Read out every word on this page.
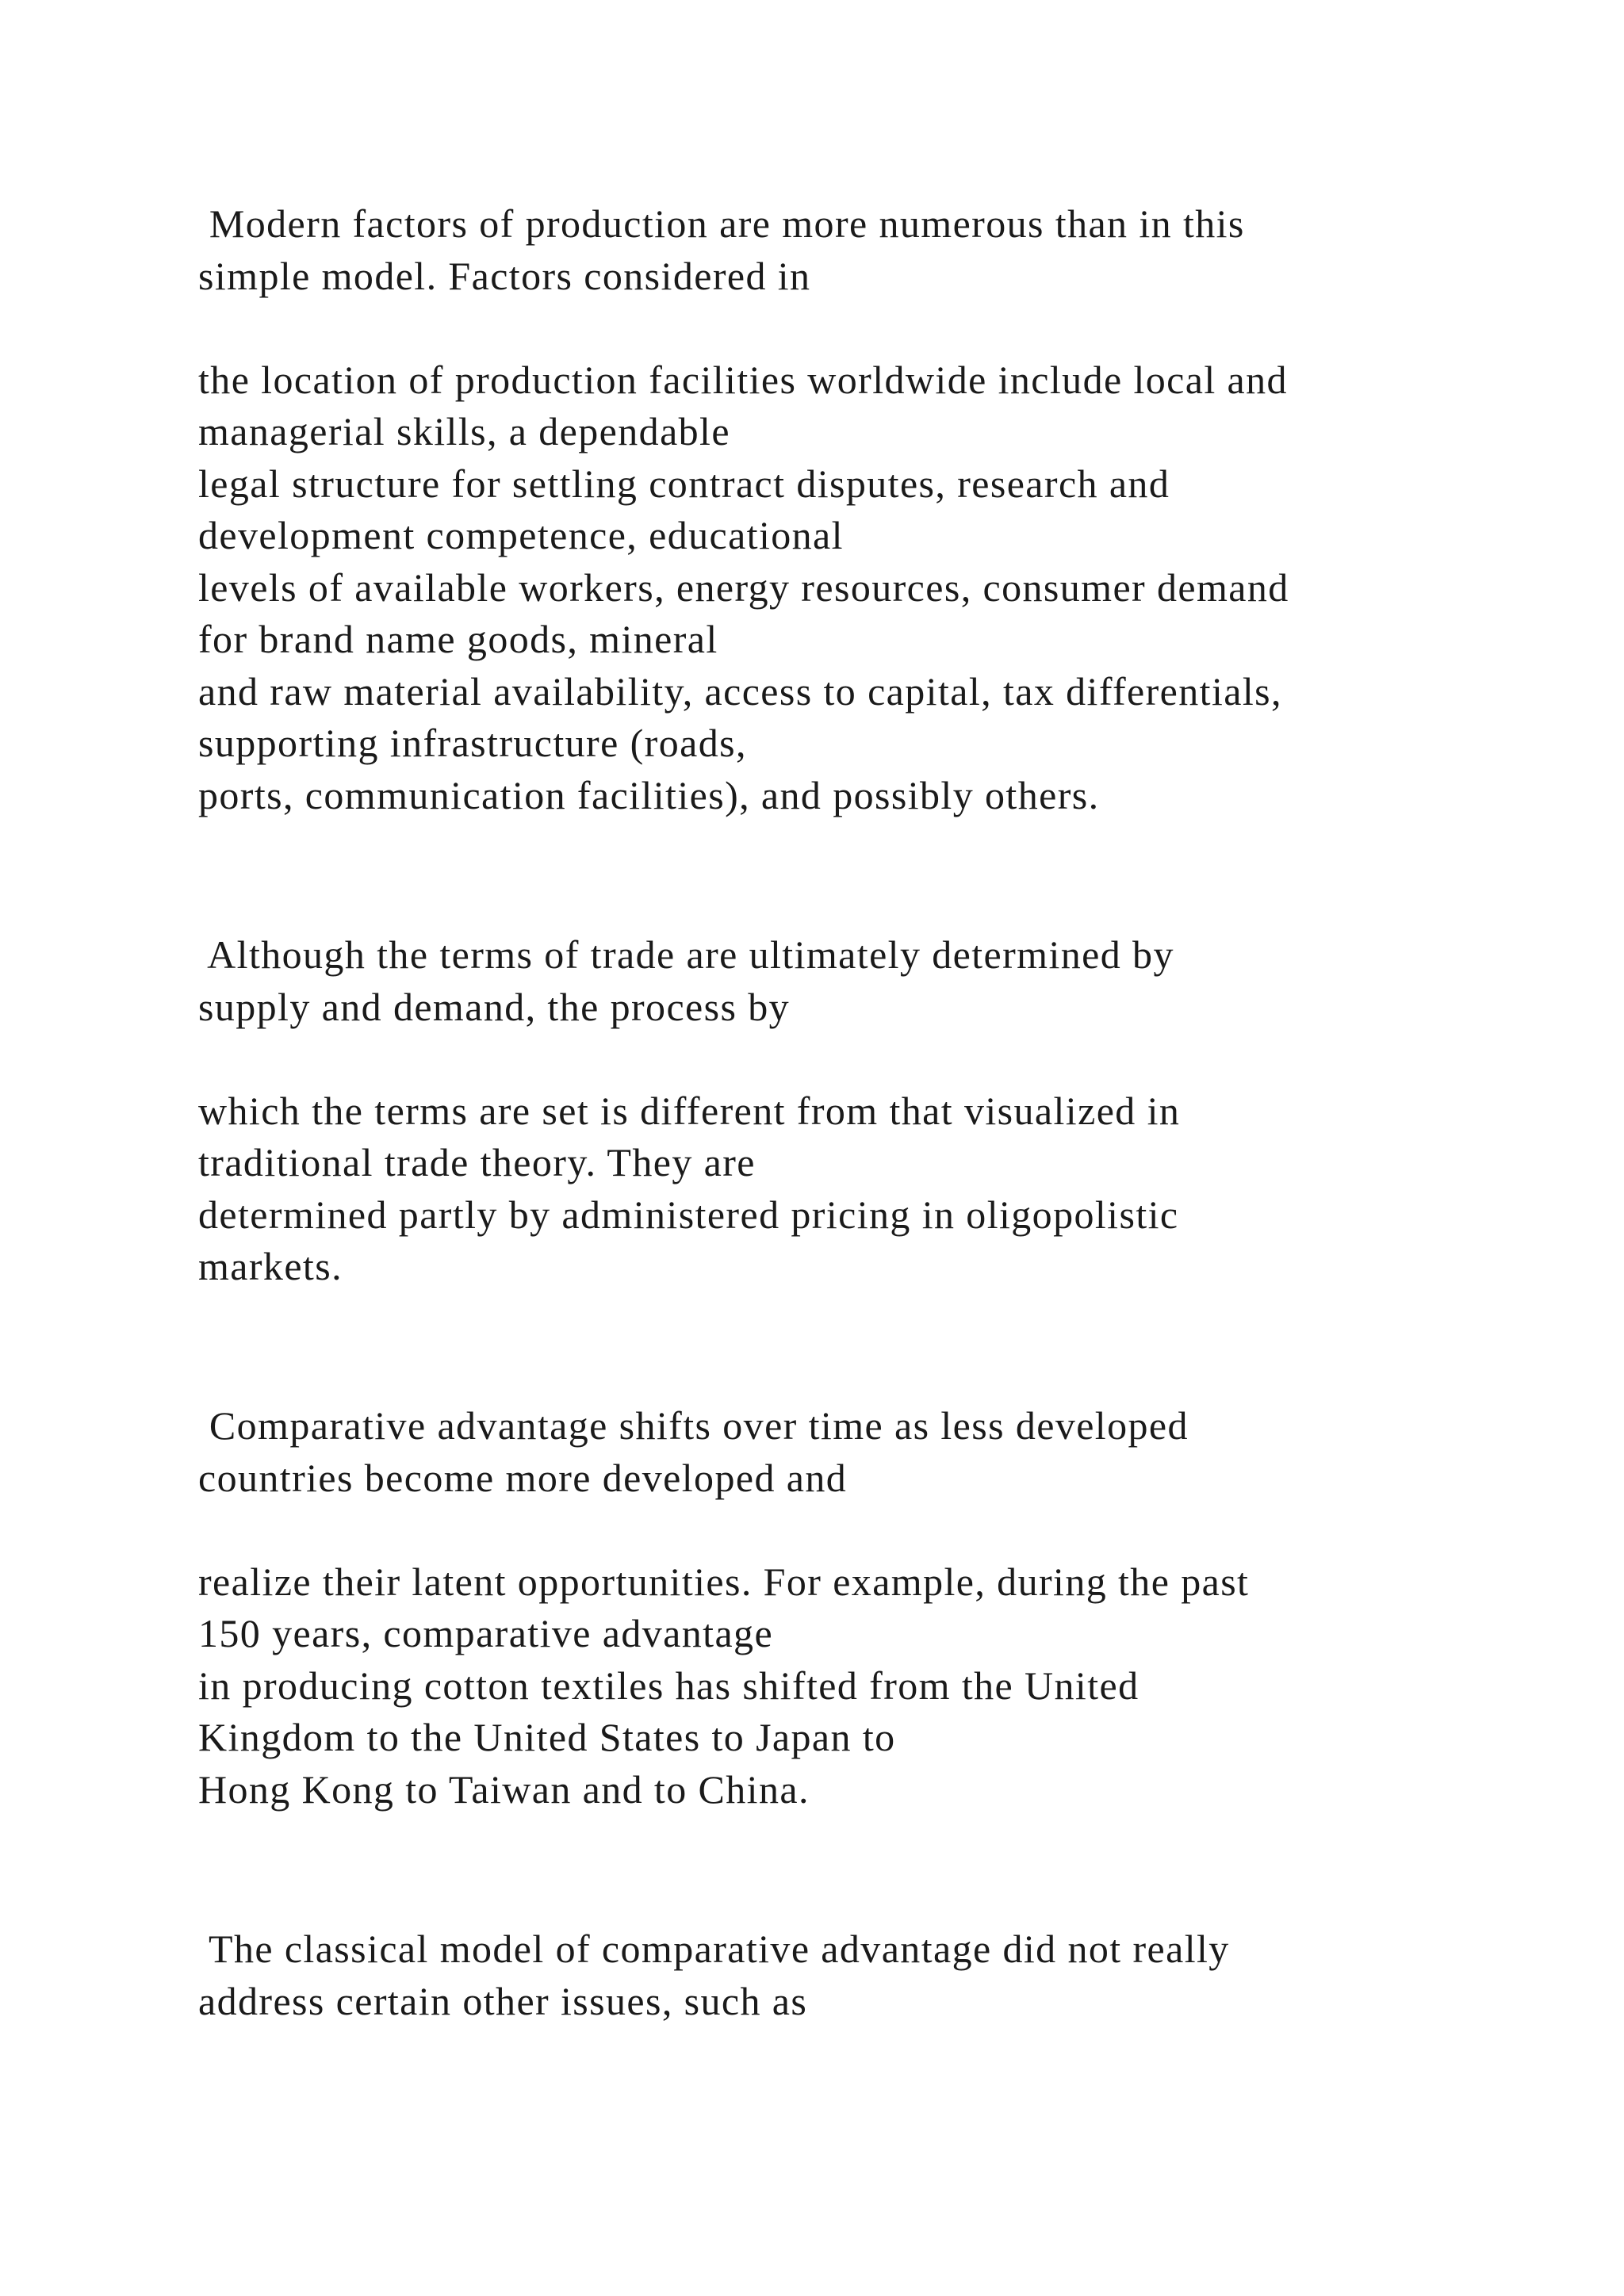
Modern factors of production are more numerous than in this

simple model. Factors considered in

the location of production facilities worldwide include local and

managerial skills, a dependable

legal structure for settling contract disputes, research and

development competence, educational

levels of available workers, energy resources, consumer demand

for brand name goods, mineral

and raw material availability, access to capital, tax differentials,

supporting infrastructure (roads,

ports, communication facilities), and possibly others.

Although the terms of trade are ultimately determined by

supply and demand, the process by

which the terms are set is different from that visualized in

traditional trade theory. They are

determined partly by administered pricing in oligopolistic

markets.

Comparative advantage shifts over time as less developed

countries become more developed and

realize their latent opportunities. For example, during the past

150 years, comparative advantage

in producing cotton textiles has shifted from the United

Kingdom to the United States to Japan to

Hong Kong to Taiwan and to China.

The classical model of comparative advantage did not really

address certain other issues, such as
